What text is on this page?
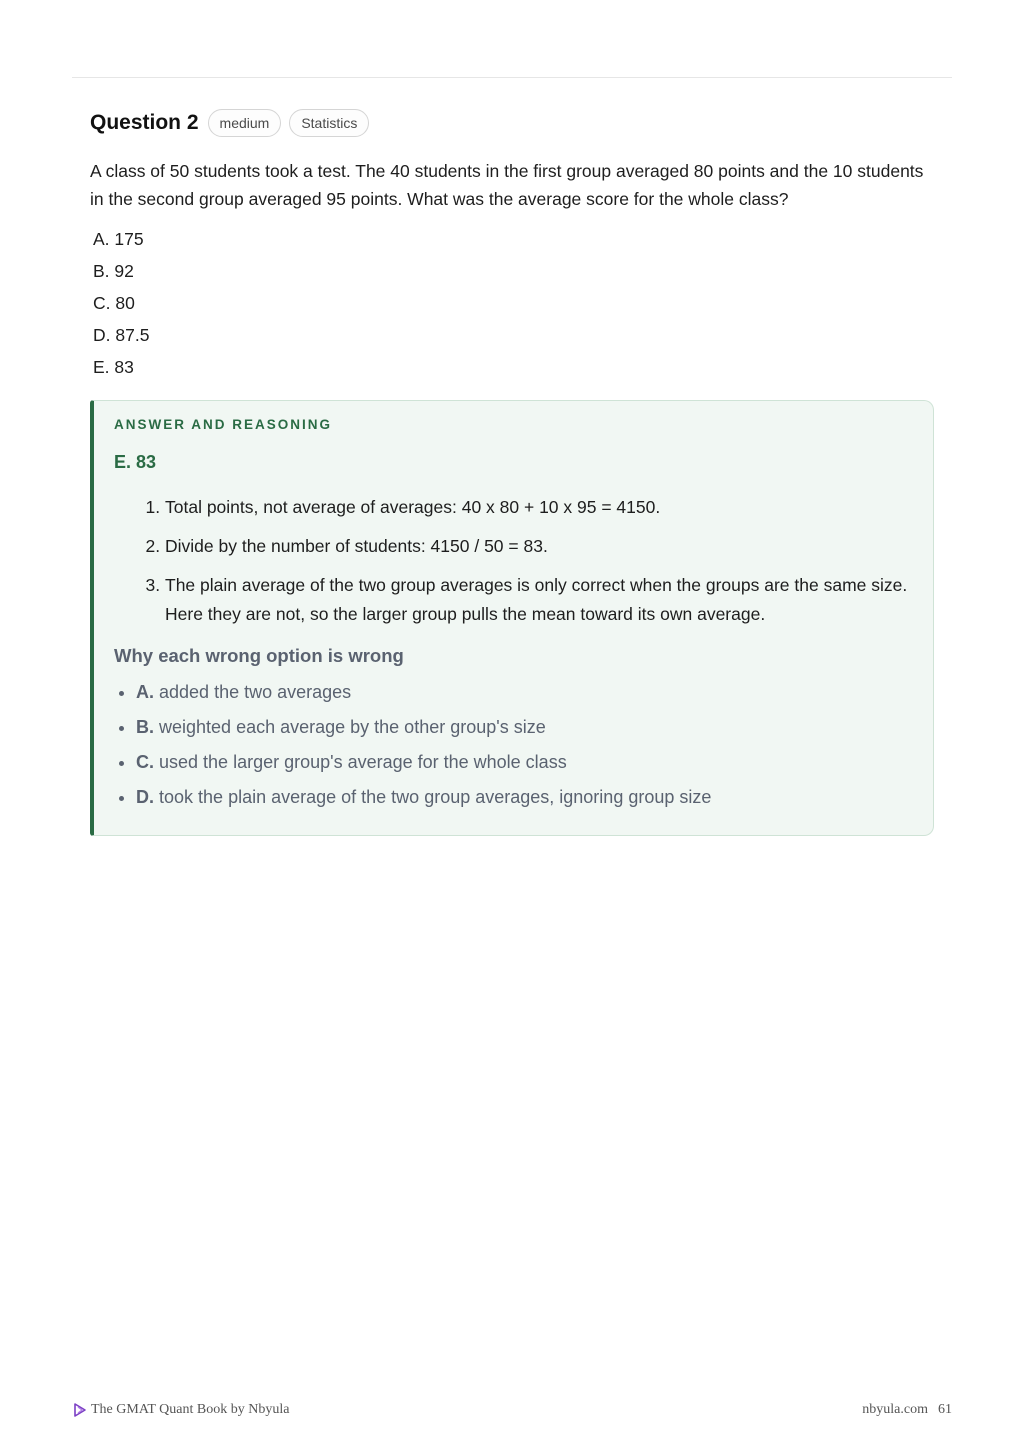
Question 2	medium	Statistics
A class of 50 students took a test. The 40 students in the first group averaged 80 points and the 10 students in the second group averaged 95 points. What was the average score for the whole class?
A. 175
B. 92
C. 80
D. 87.5
E. 83
ANSWER AND REASONING
E. 83
1. Total points, not average of averages: 40 x 80 + 10 x 95 = 4150.
2. Divide by the number of students: 4150 / 50 = 83.
3. The plain average of the two group averages is only correct when the groups are the same size. Here they are not, so the larger group pulls the mean toward its own average.
Why each wrong option is wrong
• A. added the two averages
• B. weighted each average by the other group's size
• C. used the larger group's average for the whole class
• D. took the plain average of the two group averages, ignoring group size
The GMAT Quant Book by Nbyula	nbyula.com 61
